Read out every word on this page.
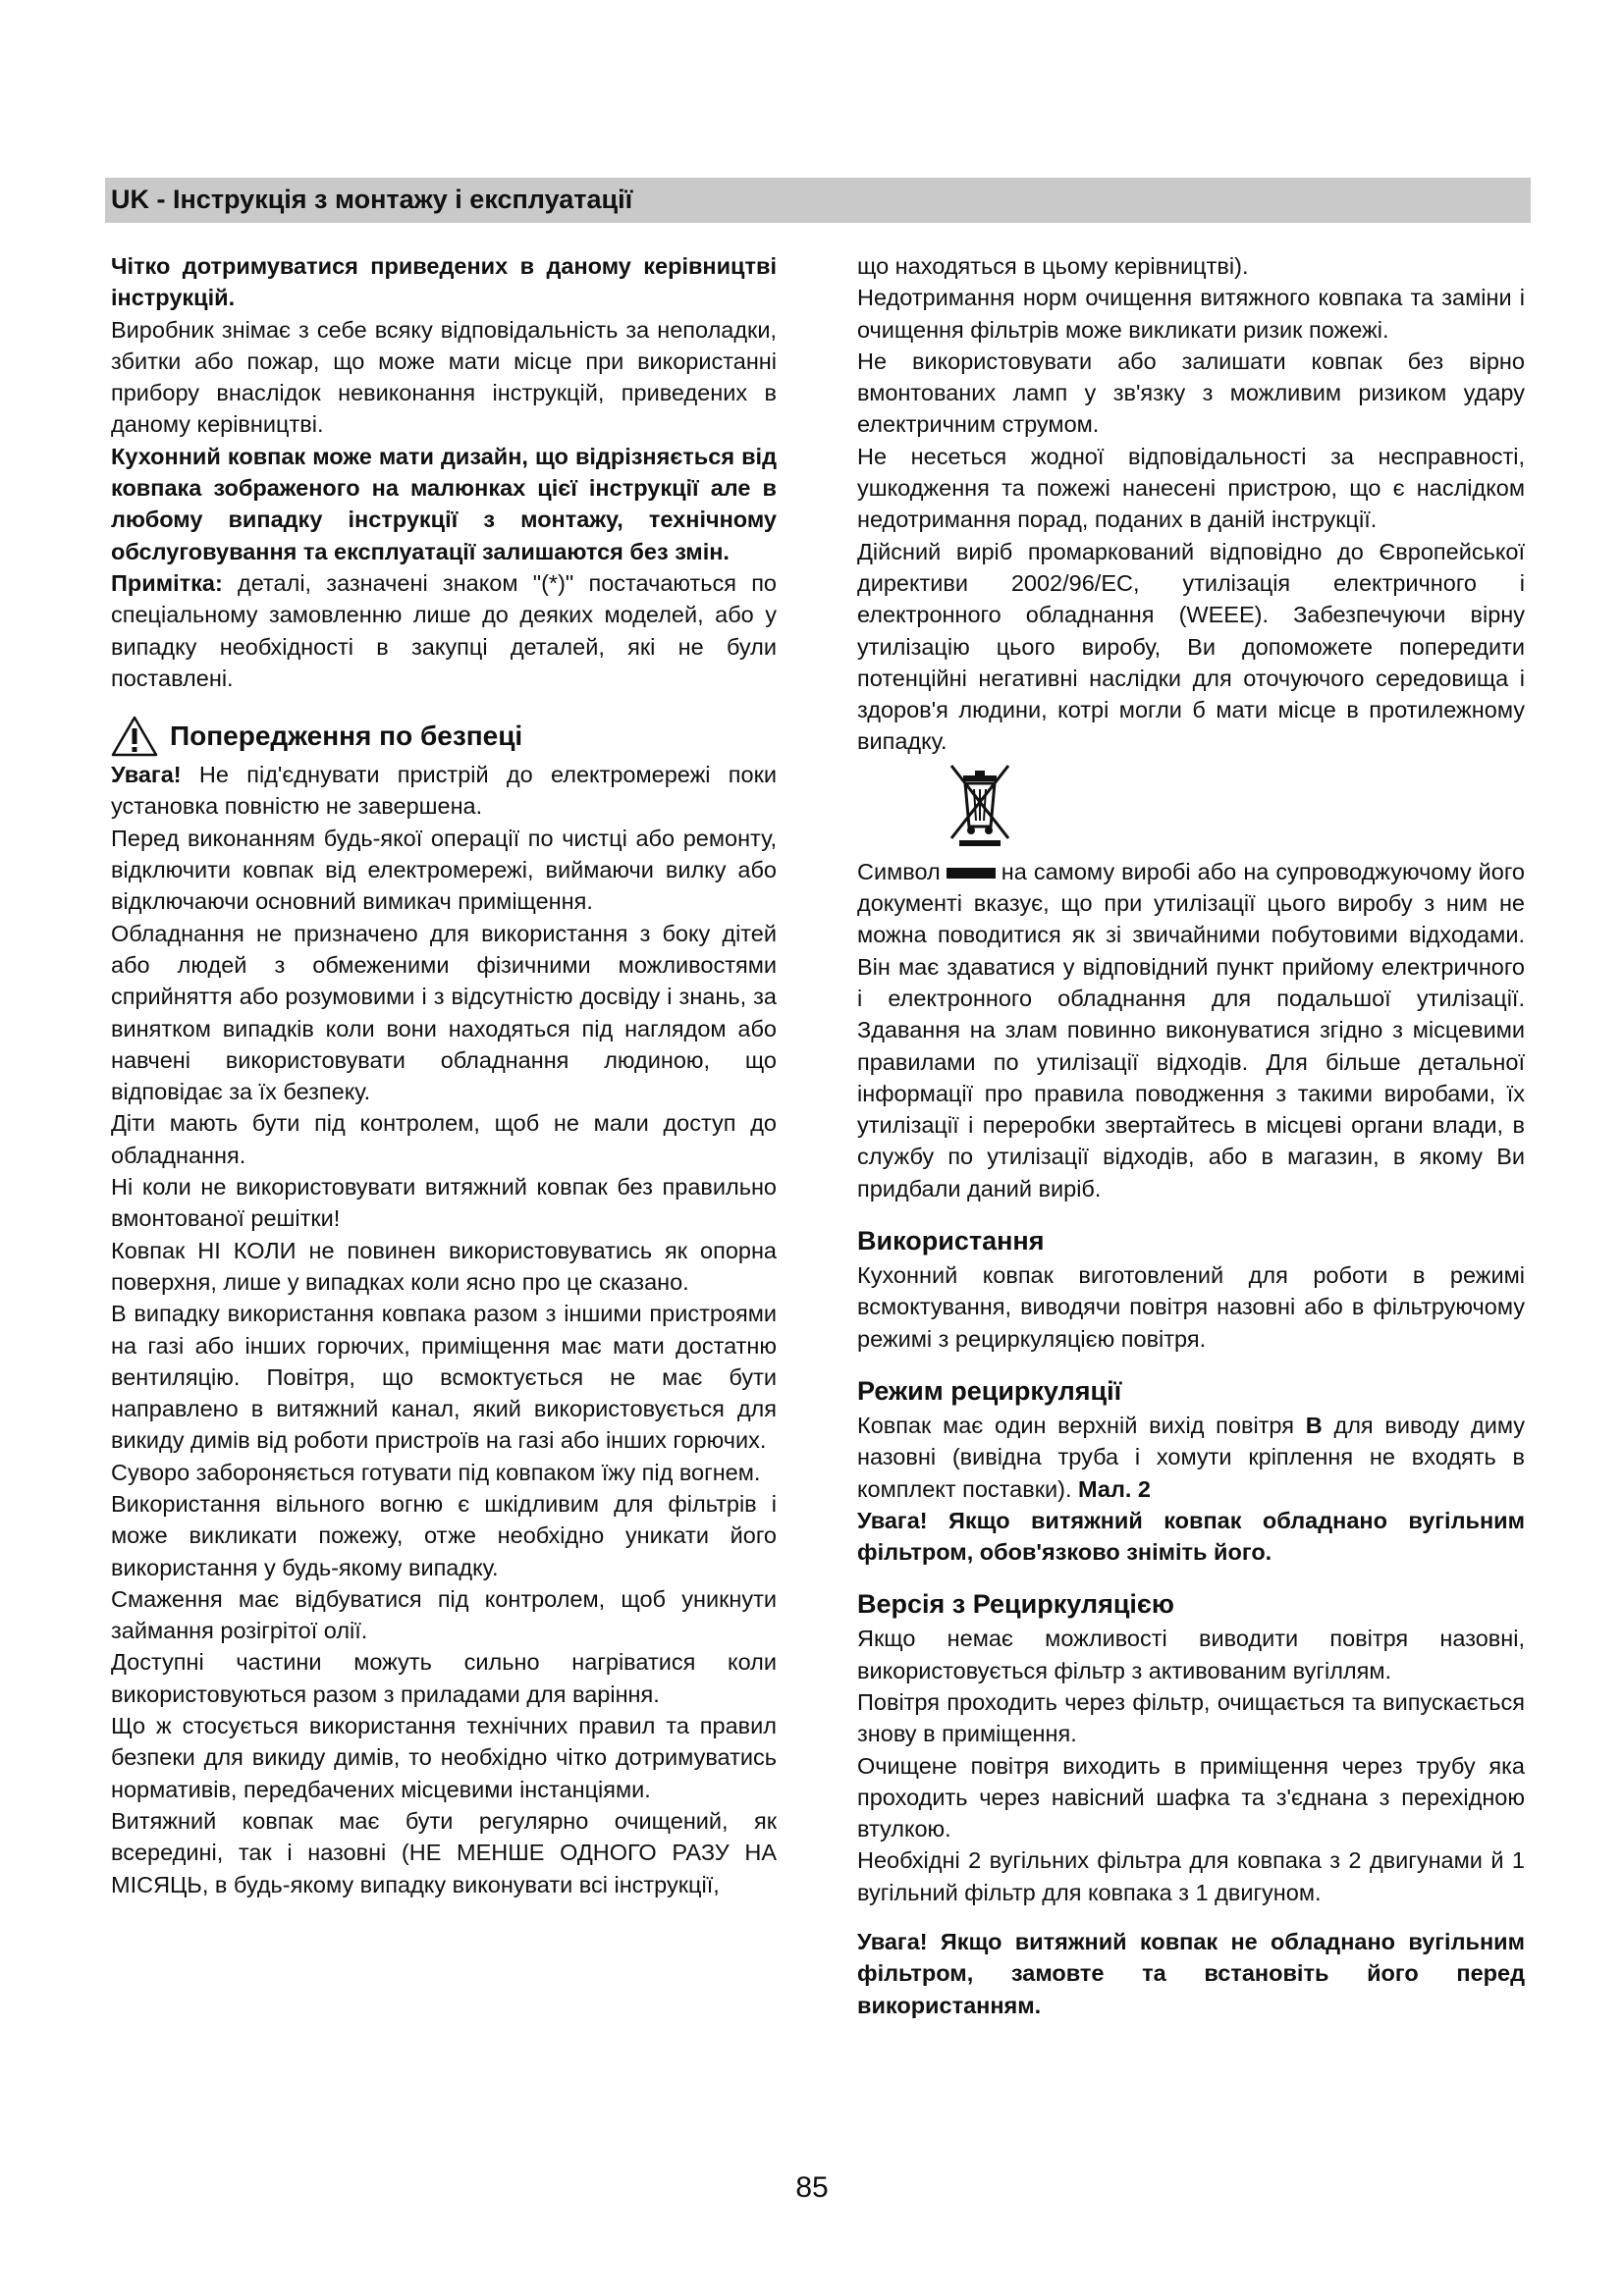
UK - Інструкція з монтажу і експлуатації

Чітко дотримуватися приведених в даному керівництві інструкцій.

Виробник знімає з себе всяку відповідальність за неполадки, збитки або пожар, що може мати місце при використанні прибору внаслідок невиконання інструкцій, приведених в даному керівництві.

Кухонний ковпак може мати дизайн, що відрізняється від ковпака зображеного на малюнках цієї інструкції але в любому випадку інструкції з монтажу, технічному обслуговування та експлуатації залишаются без змін.

Примітка: деталі, зазначені знаком "(*)" постачаються по спеціальному замовленню лише до деяких моделей, або у випадку необхідності в закупці деталей, які не були поставлені.

Попередження по безпеці

Увага! Не під'єднувати пристрій до електромережі поки установка повністю не завершена.

Перед виконанням будь-якої операції по чистці або ремонту, відключити ковпак від електромережі, виймаючи вилку або відключаючи основний вимикач приміщення.

Обладнання не призначено для використання з боку дітей або людей з обмеженими фізичними можливостями сприйняття або розумовими і з відсутністю досвіду і знань, за винятком випадків коли вони находяться під наглядом або навчені використовувати обладнання людиною, що відповідає за їх безпеку.

Діти мають бути під контролем, щоб не мали доступ до обладнання.

Ні коли не використовувати витяжний ковпак без правильно вмонтованої решітки!

Ковпак НІ КОЛИ не повинен використовуватись як опорна поверхня, лише у випадках коли ясно про це сказано.

В випадку використання ковпака разом з іншими пристроями на газі або інших горючих, приміщення має мати достатню вентиляцію. Повітря, що всмоктується не має бути направлено в витяжний канал, який використовується для викиду димів від роботи пристроїв на газі або інших горючих.

Суворо забороняється готувати під ковпаком їжу під вогнем.

Використання вільного вогню є шкідливим для фільтрів і може викликати пожежу, отже необхідно уникати його використання у будь-якому випадку.

Смаження має відбуватися під контролем, щоб уникнути займання розігрітої олії.

Доступні частини можуть сильно нагріватися коли використовуються разом з приладами для варіння.

Що ж стосується використання технічних правил та правил безпеки для викиду димів, то необхідно чітко дотримуватись нормативів, передбачених місцевими інстанціями.

Витяжний ковпак має бути регулярно очищений, як всередині, так і назовні (НЕ МЕНШЕ ОДНОГО РАЗУ НА МІСЯЦЬ, в будь-якому випадку виконувати всі інструкції,

що находяться в цьому керівництві).

Недотримання норм очищення витяжного ковпака та заміни і очищення фільтрів може викликати ризик пожежі.

Не використовувати або залишати ковпак без вірно вмонтованих ламп у зв'язку з можливим ризиком удару електричним струмом.

Не несеться жодної відповідальності за несправності, ушкодження та пожежі нанесені пристрою, що є наслідком недотримання порад, поданих в даній інструкції.

Дійсний виріб промаркований відповідно до Європейської директиви 2002/96/ЕС, утилізація електричного і електронного обладнання (WEEE). Забезпечуючи вірну утилізацію цього виробу, Ви допоможете попередити потенційні негативні наслідки для оточуючого середовища і здоров'я людини, котрі могли б мати місце в протилежному випадку.

Символ	на самому виробі або на супроводжуючому його документі вказує, що при утилізації цього виробу з ним не можна поводитися як зі звичайними побутовими відходами. Він має здаватися у відповідний пункт прийому електричного і електронного обладнання для подальшої утилізації. Здавання на злам повинно виконуватися згідно з місцевими правилами по утилізації відходів. Для більше детальної інформації про правила поводження з такими виробами, їх утилізації і переробки звертайтесь в місцеві органи влади, в службу по утилізації відходів, або в магазин, в якому Ви придбали даний виріб.

Використання

Кухонний ковпак виготовлений для роботи в режимі всмоктування, виводячи повітря назовні або в фільтруючому режимі з рециркуляцією повітря.

Режим рециркуляції

Ковпак має один верхній вихід повітря B для виводу диму назовні (вивідна труба і хомути кріплення не входять в комплект поставки). Мал. 2

Увага! Якщо витяжний ковпак обладнано вугільним фільтром, обов'язково зніміть його.

Версія з Рециркуляцією

Якщо немає можливості виводити повітря назовні, використовується фільтр з активованим вугіллям.

Повітря проходить через фільтр, очищається та випускається знову в приміщення.

Очищене повітря виходить в приміщення через трубу яка проходить через навісний шафка та з'єднана з перехідною втулкою.

Необхідні 2 вугільних фільтра для ковпака з 2 двигунами й 1 вугільний фільтр для ковпака з 1 двигуном.

Увага! Якщо витяжний ковпак не обладнано вугільним фільтром, замовте та встановіть його перед використанням.

85
